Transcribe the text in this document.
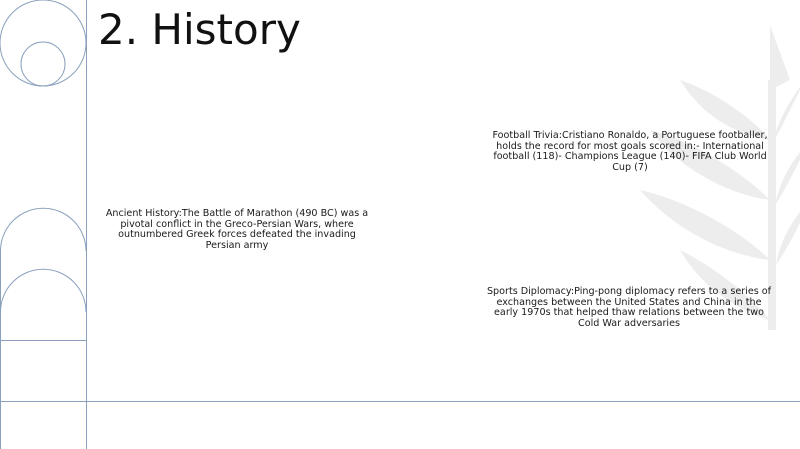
2. History

Ancient History:The Battle of Marathon (490 BC) was a pivotal conflict in the Greco-Persian Wars, where outnumbered Greek forces defeated the invading Persian army

Football Trivia:Cristiano Ronaldo, a Portuguese footballer, holds the record for most goals scored in:- International football (118)- Champions League (140)- FIFA Club World Cup (7)

Sports Diplomacy:Ping-pong diplomacy refers to a series of exchanges between the United States and China in the early 1970s that helped thaw relations between the two Cold War adversaries
